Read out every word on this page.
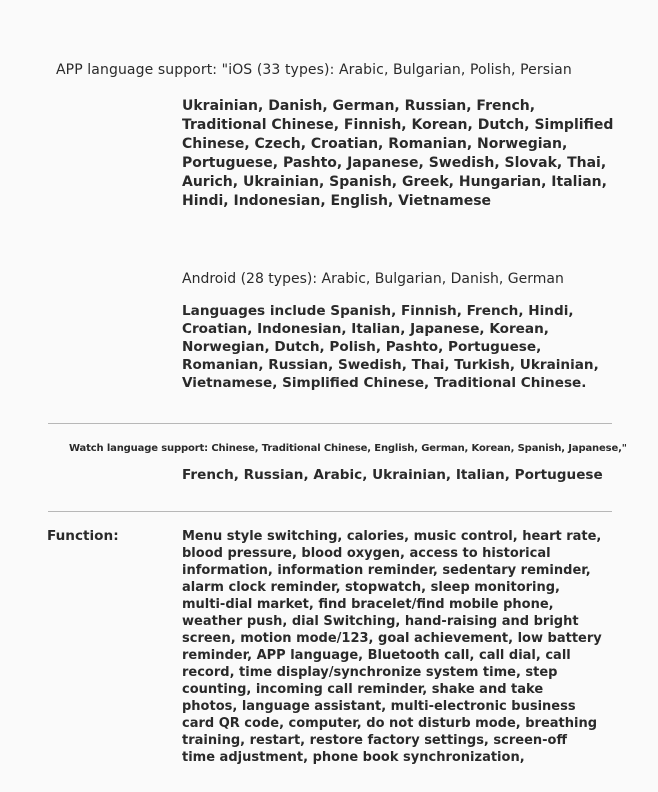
APP language support: "iOS (33 types): Arabic, Bulgarian, Polish, Persian
Ukrainian, Danish, German, Russian, French, Traditional Chinese, Finnish, Korean, Dutch, Simplified Chinese, Czech, Croatian, Romanian, Norwegian, Portuguese, Pashto, Japanese, Swedish, Slovak, Thai, Aurich, Ukrainian, Spanish, Greek, Hungarian, Italian, Hindi, Indonesian, English, Vietnamese
Android (28 types): Arabic, Bulgarian, Danish, German
Languages include Spanish, Finnish, French, Hindi, Croatian, Indonesian, Italian, Japanese, Korean, Norwegian, Dutch, Polish, Pashto, Portuguese, Romanian, Russian, Swedish, Thai, Turkish, Ukrainian, Vietnamese, Simplified Chinese, Traditional Chinese.
Watch language support: Chinese, Traditional Chinese, English, German, Korean, Spanish, Japanese,"
French, Russian, Arabic, Ukrainian, Italian, Portuguese
Function:	Menu style switching, calories, music control, heart rate, blood pressure, blood oxygen, access to historical information, information reminder, sedentary reminder, alarm clock reminder, stopwatch, sleep monitoring, multi-dial market, find bracelet/find mobile phone, weather push, dial Switching, hand-raising and bright screen, motion mode/123, goal achievement, low battery reminder, APP language, Bluetooth call, call dial, call record, time display/synchronize system time, step counting, incoming call reminder, shake and take photos, language assistant, multi-electronic business card QR code, computer, do not disturb mode, breathing training, restart, restore factory settings, screen-off time adjustment, phone book synchronization,
